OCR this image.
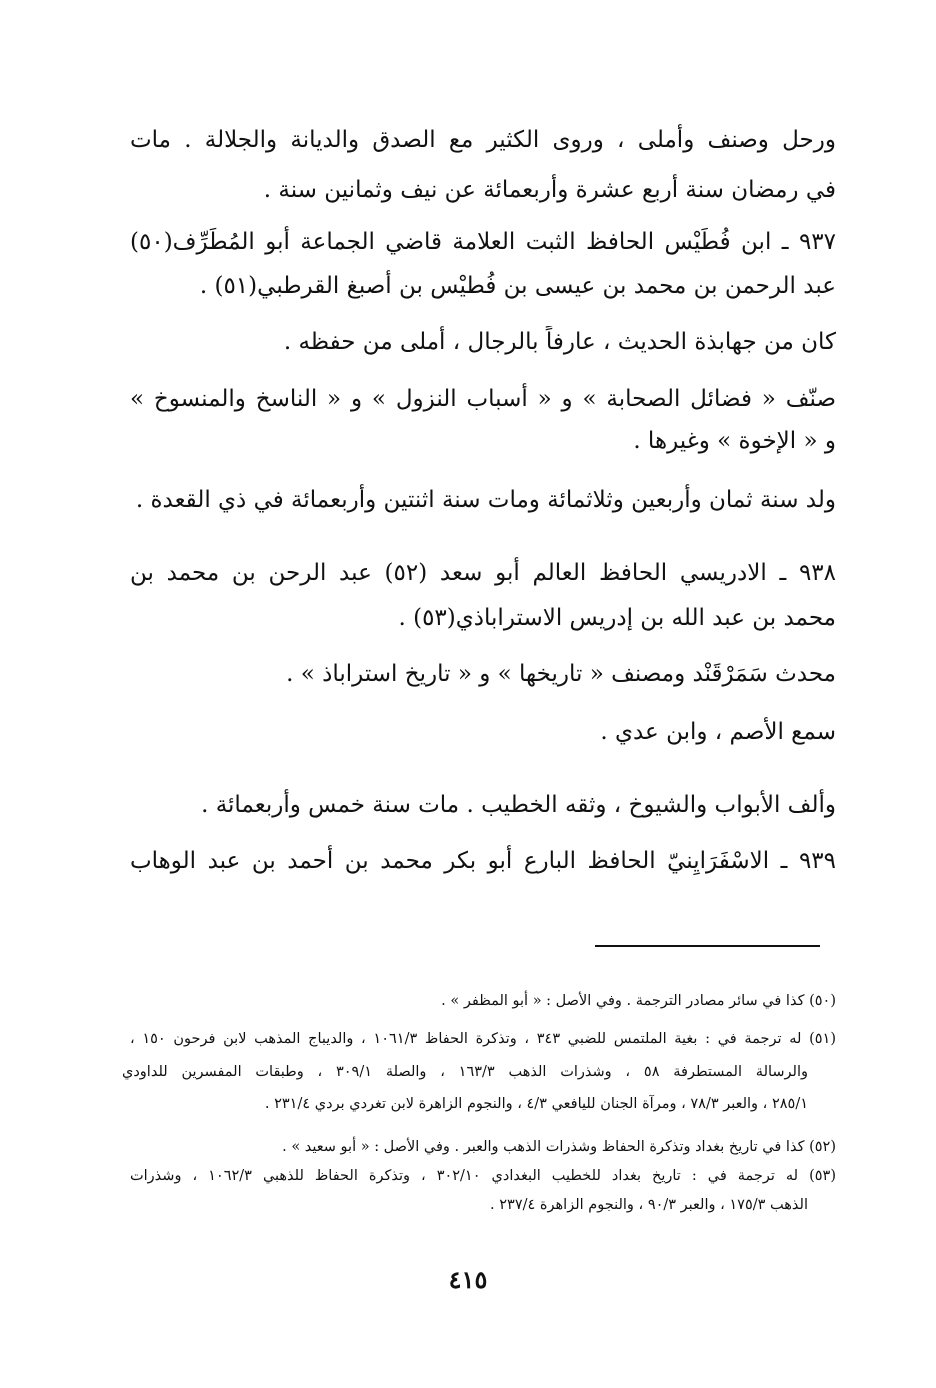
ورحل وصنف وأملى ، وروى الكثير مع الصدق والديانة والجلالة . مات
في رمضان سنة أربع عشرة وأربعمائة عن نيف وثمانين سنة .
٩٣٧ ـ ابن فُطَيْس الحافظ الثبت العلامة قاضي الجماعة أبو المُطَرِّف(٥٠)
عبد الرحمن بن محمد بن عيسى بن فُطيْس بن أصبغ القرطبي(٥١) .
كان من جهابذة الحديث ، عارفاً بالرجال ، أملى من حفظه .
صنّف « فضائل الصحابة » و « أسباب النزول » و « الناسخ والمنسوخ »
و « الإخوة » وغيرها .
ولد سنة ثمان وأربعين وثلاثمائة ومات سنة اثنتين وأربعمائة في ذي القعدة .
٩٣٨ ـ الادريسي الحافظ العالم أبو سعد (٥٢) عبد الرحن بن محمد بن
محمد بن عبد الله بن إدريس الاستراباذي(٥٣) .
محدث سَمَرْقَنْد ومصنف « تاريخها » و « تاريخ استراباذ » .
سمع الأصم ، وابن عدي .
وألف الأبواب والشيوخ ، وثقه الخطيب . مات سنة خمس وأربعمائة .
٩٣٩ ـ الاسْفَرَايِنيّ الحافظ البارع أبو بكر محمد بن أحمد بن عبد الوهاب
(٥٠) كذا في سائر مصادر الترجمة . وفي الأصل : « أبو المظفر » .
(٥١) له ترجمة في : بغية الملتمس للضبي ٣٤٣ ، وتذكرة الحفاظ ١٠٦١/٣ ، والديباج المذهب لابن فرحون ١٥٠ ،
والرسالة المستطرفة ٥٨ ، وشذرات الذهب ١٦٣/٣ ، والصلة ٣٠٩/١ ، وطبقات المفسرين للداودي
٢٨٥/١ ، والعبر ٧٨/٣ ، ومرآة الجنان لليافعي ٤/٣ ، والنجوم الزاهرة لابن تغردي بردي ٢٣١/٤ .
(٥٢) كذا في تاريخ بغداد وتذكرة الحفاظ وشذرات الذهب والعبر . وفي الأصل : « أبو سعيد » .
(٥٣) له ترجمة في : تاريخ بغداد للخطيب البغدادي ٣٠٢/١٠ ، وتذكرة الحفاظ للذهبي ١٠٦٢/٣ ، وشذرات
الذهب ١٧٥/٣ ، والعبر ٩٠/٣ ، والنجوم الزاهرة ٢٣٧/٤ .
٤١٥
